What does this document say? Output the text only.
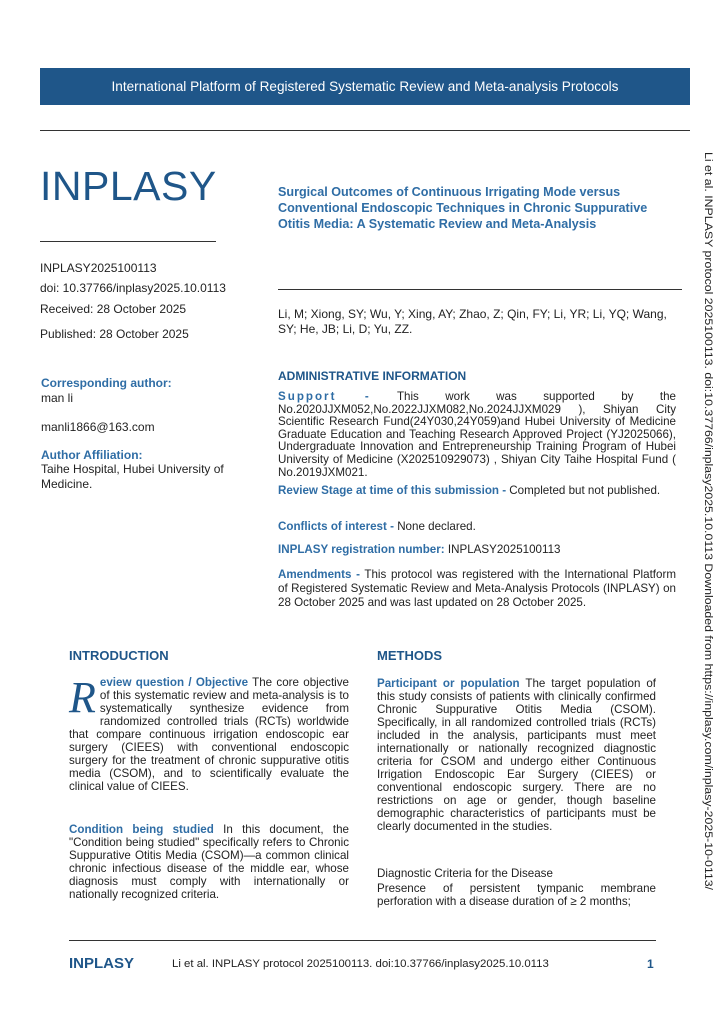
International Platform of Registered Systematic Review and Meta-analysis Protocols
INPLASY
INPLASY2025100113
doi: 10.37766/inplasy2025.10.0113
Received: 28 October 2025
Published: 28 October 2025
Corresponding author:
man li
manli1866@163.com
Author Affiliation:
Taihe Hospital, Hubei University of Medicine.
Surgical Outcomes of Continuous Irrigating Mode versus Conventional Endoscopic Techniques in Chronic Suppurative Otitis Media: A Systematic Review and Meta-Analysis
Li, M; Xiong, SY; Wu, Y; Xing, AY; Zhao, Z; Qin, FY; Li, YR; Li, YQ; Wang, SY; He, JB; Li, D; Yu, ZZ.
ADMINISTRATIVE INFORMATION
Support - This work was supported by the No.2020JJXM052,No.2022JJXM082,No.2024JJXM029 ), Shiyan City Scientific Research Fund(24Y030,24Y059)and Hubei University of Medicine Graduate Education and Teaching Research Approved Project (YJ2025066), Undergraduate Innovation and Entrepreneurship Training Program of Hubei University of Medicine (X202510929073) , Shiyan City Taihe Hospital Fund ( No.2019JXM021.
Review Stage at time of this submission - Completed but not published.
Conflicts of interest - None declared.
INPLASY registration number: INPLASY2025100113
Amendments - This protocol was registered with the International Platform of Registered Systematic Review and Meta-Analysis Protocols (INPLASY) on 28 October 2025 and was last updated on 28 October 2025.
INTRODUCTION
R eview question / Objective The core objective of this systematic review and meta-analysis is to systematically synthesize evidence from randomized controlled trials (RCTs) worldwide that compare continuous irrigation endoscopic ear surgery (CIEES) with conventional endoscopic surgery for the treatment of chronic suppurative otitis media (CSOM), and to scientifically evaluate the clinical value of CIEES.
Condition being studied In this document, the "Condition being studied" specifically refers to Chronic Suppurative Otitis Media (CSOM)—a common clinical chronic infectious disease of the middle ear, whose diagnosis must comply with internationally or nationally recognized criteria.
METHODS
Participant or population The target population of this study consists of patients with clinically confirmed Chronic Suppurative Otitis Media (CSOM). Specifically, in all randomized controlled trials (RCTs) included in the analysis, participants must meet internationally or nationally recognized diagnostic criteria for CSOM and undergo either Continuous Irrigation Endoscopic Ear Surgery (CIEES) or conventional endoscopic surgery. There are no restrictions on age or gender, though baseline demographic characteristics of participants must be clearly documented in the studies.
Diagnostic Criteria for the Disease
Presence of persistent tympanic membrane perforation with a disease duration of ≥ 2 months;
Li et al. INPLASY protocol 2025100113. doi:10.37766/inplasy2025.10.0113 Downloaded from https://inplasy.com/inplasy-2025-10-0113/
INPLASY	Li et al. INPLASY protocol 2025100113. doi:10.37766/inplasy2025.10.0113	1
